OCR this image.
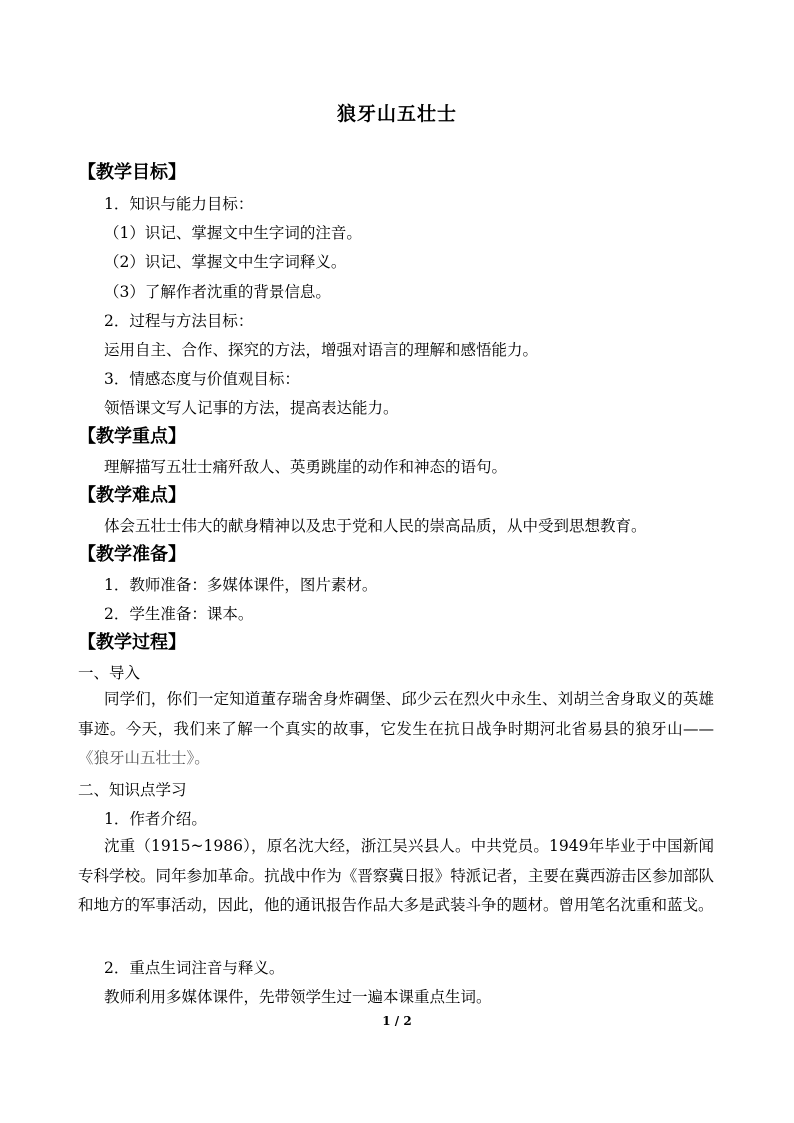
狼牙山五壮士
【教学目标】
1．知识与能力目标：
（1）识记、掌握文中生字词的注音。
（2）识记、掌握文中生字词释义。
（3）了解作者沈重的背景信息。
2．过程与方法目标：
运用自主、合作、探究的方法，增强对语言的理解和感悟能力。
3．情感态度与价值观目标：
领悟课文写人记事的方法，提高表达能力。
【教学重点】
理解描写五壮士痛歼敌人、英勇跳崖的动作和神态的语句。
【教学难点】
体会五壮士伟大的献身精神以及忠于党和人民的崇高品质，从中受到思想教育。
【教学准备】
1．教师准备：多媒体课件，图片素材。
2．学生准备：课本。
【教学过程】
一、导入
同学们，你们一定知道董存瑞舍身炸碉堡、邱少云在烈火中永生、刘胡兰舍身取义的英雄事迹。今天，我们来了解一个真实的故事，它发生在抗日战争时期河北省易县的狼牙山——《狼牙山五壮士》。
二、知识点学习
1．作者介绍。
沈重（1915~1986），原名沈大经，浙江吴兴县人。中共党员。1949年毕业于中国新闻专科学校。同年参加革命。抗战中作为《晋察冀日报》特派记者，主要在冀西游击区参加部队和地方的军事活动，因此，他的通讯报告作品大多是武装斗争的题材。曾用笔名沈重和蓝戈。
2．重点生词注音与释义。
教师利用多媒体课件，先带领学生过一遍本课重点生词。
1 / 2
